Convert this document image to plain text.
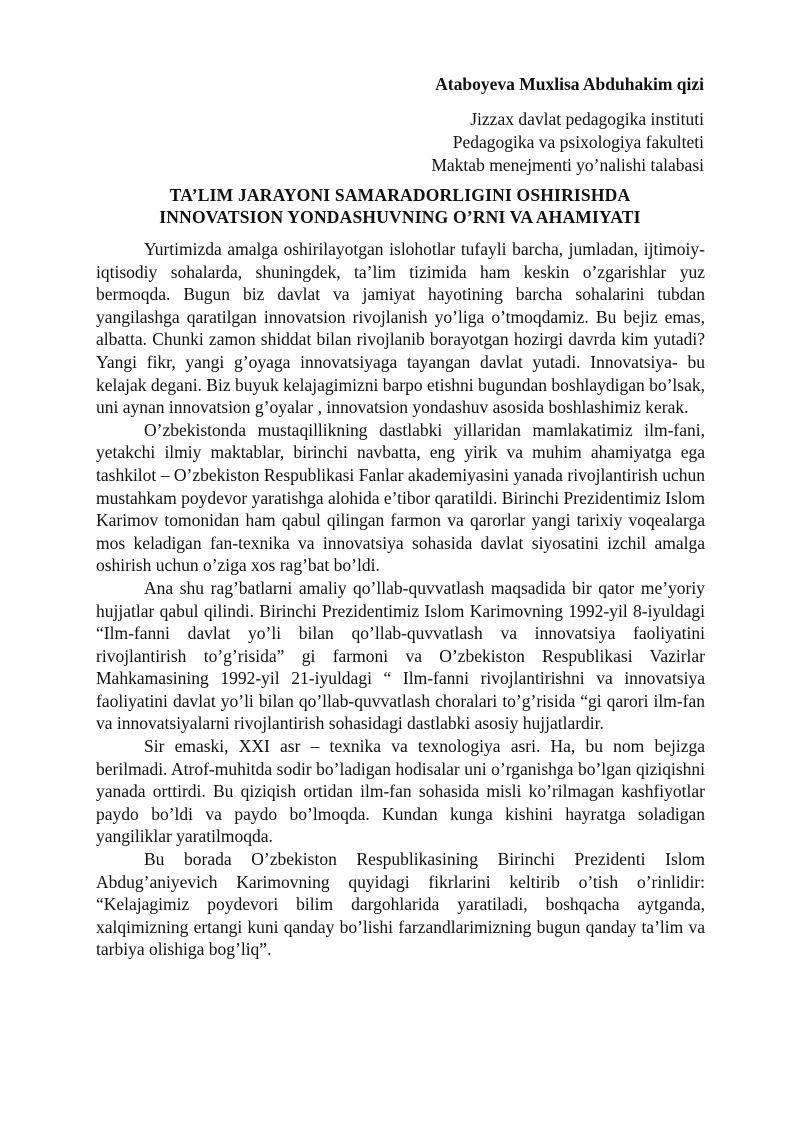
Ataboyeva Muxlisa Abduhakim qizi
Jizzax davlat pedagogika instituti
Pedagogika va psixologiya fakulteti
Maktab menejmenti yo’nalishi talabasi
TA’LIM JARAYONI SAMARADORLIGINI OSHIRISHDA
INNOVATSION YONDASHUVNING O’RNI VA AHAMIYATI

Yurtimizda amalga oshirilayotgan islohotlar tufayli barcha, jumladan, ijtimoiy-iqtisodiy sohalarda, shuningdek, ta’lim tizimida ham keskin o’zgarishlar yuz bermoqda. Bugun biz davlat va jamiyat hayotining barcha sohalarini tubdan yangilashga qaratilgan innovatsion rivojlanish yo’liga o’tmoqdamiz. Bu bejiz emas, albatta. Chunki zamon shiddat bilan rivojlanib borayotgan hozirgi davrda kim yutadi? Yangi fikr, yangi g’oyaga innovatsiyaga tayangan davlat yutadi. Innovatsiya- bu kelajak degani. Biz buyuk kelajagimizni barpo etishni bugundan boshlaydigan bo’lsak, uni aynan innovatsion g’oyalar , innovatsion yondashuv asosida boshlashimiz kerak.

O’zbekistonda mustaqillikning dastlabki yillaridan mamlakatimiz ilm-fani, yetakchi ilmiy maktablar, birinchi navbatta, eng yirik va muhim ahamiyatga ega tashkilot – O’zbekiston Respublikasi Fanlar akademiyasini yanada rivojlantirish uchun mustahkam poydevor yaratishga alohida e’tibor qaratildi. Birinchi Prezidentimiz Islom Karimov tomonidan ham qabul qilingan farmon va qarorlar yangi tarixiy voqealarga mos keladigan fan-texnika va innovatsiya sohasida davlat siyosatini izchil amalga oshirish uchun o’ziga xos rag’bat bo’ldi.

Ana shu rag’batlarni amaliy qo’llab-quvvatlash maqsadida bir qator me’yoriy hujjatlar qabul qilindi. Birinchi Prezidentimiz Islom Karimovning 1992-yil 8-iyuldagi “Ilm-fanni davlat yo’li bilan qo’llab-quvvatlash va innovatsiya faoliyatini rivojlantirish to’g’risida” gi farmoni va O’zbekiston Respublikasi Vazirlar Mahkamasining 1992-yil 21-iyuldagi “ Ilm-fanni rivojlantirishni va innovatsiya faoliyatini davlat yo’li bilan qo’llab-quvvatlash choralari to’g’risida “gi qarori ilm-fan va innovatsiyalarni rivojlantirish sohasidagi dastlabki asosiy hujjatlardir.

Sir emaski, XXI asr – texnika va texnologiya asri. Ha, bu nom bejizga berilmadi. Atrof-muhitda sodir bo’ladigan hodisalar uni o’rganishga bo’lgan qiziqishni yanada orttirdi. Bu qiziqish ortidan ilm-fan sohasida misli ko’rilmagan kashfiyotlar paydo bo’ldi va paydo bo’lmoqda. Kundan kunga kishini hayratga soladigan yangiliklar yaratilmoqda.

Bu borada O’zbekiston Respublikasining Birinchi Prezidenti Islom Abdug’aniyevich Karimovning quyidagi fikrlarini keltirib o’tish o’rinlidir: “Kelajagimiz poydevori bilim dargohlarida yaratiladi, boshqacha aytganda, xalqimizning ertangi kuni qanday bo’lishi farzandlarimizning bugun qanday ta’lim va tarbiya olishiga bog’liq”.
